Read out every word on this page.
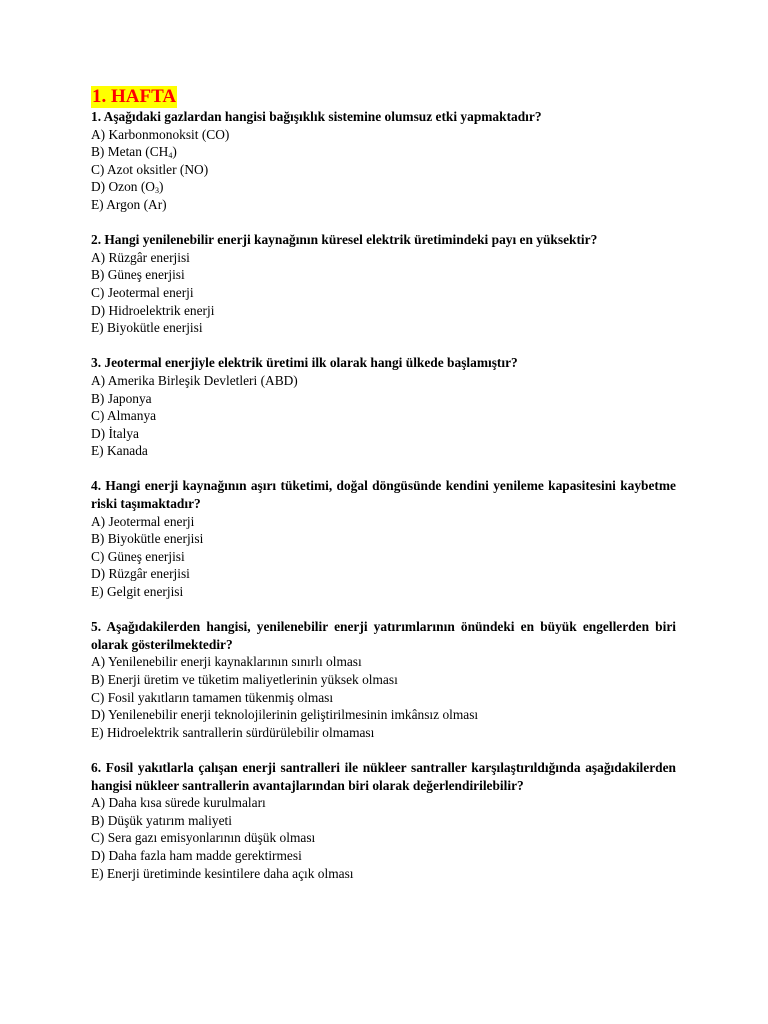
1. HAFTA
1. Aşağıdaki gazlardan hangisi bağışıklık sistemine olumsuz etki yapmaktadır?
A) Karbonmonoksit (CO)
B) Metan $(CH_4)$
C) Azot oksitler (NO)
D) Ozon $(O_3)$
E) Argon (Ar)
2. Hangi yenilenebilir enerji kaynağının küresel elektrik üretimindeki payı en yüksektir?
A) Rüzgâr enerjisi
B) Güneş enerjisi
C) Jeotermal enerji
D) Hidroelektrik enerji
E) Biyokütle enerjisi
3. Jeotermal enerjiyle elektrik üretimi ilk olarak hangi ülkede başlamıştır?
A) Amerika Birleşik Devletleri (ABD)
B) Japonya
C) Almanya
D) İtalya
E) Kanada
4. Hangi enerji kaynağının aşırı tüketimi, doğal döngüsünde kendini yenileme kapasitesini kaybetme riski taşımaktadır?
A) Jeotermal enerji
B) Biyokütle enerjisi
C) Güneş enerjisi
D) Rüzgâr enerjisi
E) Gelgit enerjisi
5. Aşağıdakilerden hangisi, yenilenebilir enerji yatırımlarının önündeki en büyük engellerden biri olarak gösterilmektedir?
A) Yenilenebilir enerji kaynaklarının sınırlı olması
B) Enerji üretim ve tüketim maliyetlerinin yüksek olması
C) Fosil yakıtların tamamen tükenmiş olması
D) Yenilenebilir enerji teknolojilerinin geliştirilmesinin imkânsız olması
E) Hidroelektrik santrallerin sürdürülebilir olmaması
6. Fosil yakıtlarla çalışan enerji santralleri ile nükleer santraller karşılaştırıldığında aşağıdakilerden hangisi nükleer santrallerin avantajlarından biri olarak değerlendirilebilir?
A) Daha kısa sürede kurulmaları
B) Düşük yatırım maliyeti
C) Sera gazı emisyonlarının düşük olması
D) Daha fazla ham madde gerektirmesi
E) Enerji üretiminde kesintilere daha açık olması
